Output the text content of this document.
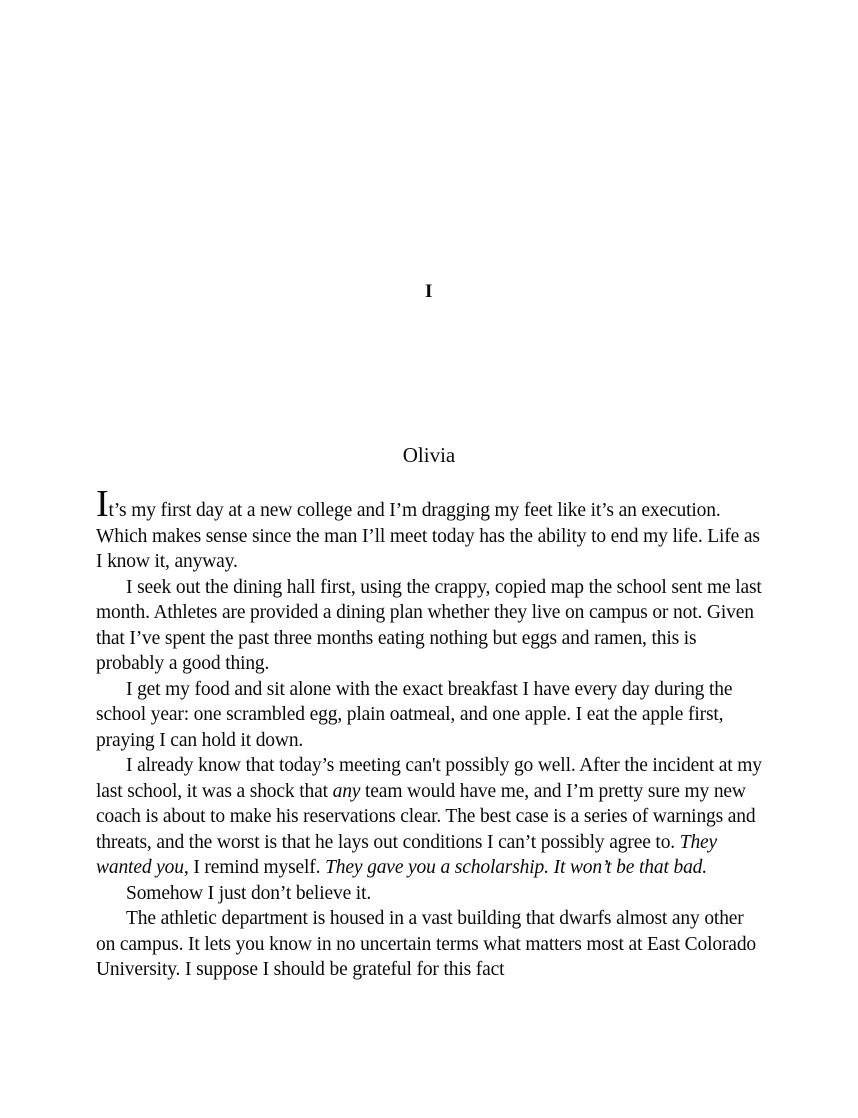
I
Olivia

It’s my first day at a new college and I’m dragging my feet like it’s an execution. Which makes sense since the man I’ll meet today has the ability to end my life. Life as I know it, anyway.

I seek out the dining hall first, using the crappy, copied map the school sent me last month. Athletes are provided a dining plan whether they live on campus or not. Given that I’ve spent the past three months eating nothing but eggs and ramen, this is probably a good thing.

I get my food and sit alone with the exact breakfast I have every day during the school year: one scrambled egg, plain oatmeal, and one apple. I eat the apple first, praying I can hold it down.

I already know that today’s meeting can't possibly go well. After the incident at my last school, it was a shock that any team would have me, and I’m pretty sure my new coach is about to make his reservations clear. The best case is a series of warnings and threats, and the worst is that he lays out conditions I can’t possibly agree to. They wanted you, I remind myself. They gave you a scholarship. It won’t be that bad.

Somehow I just don’t believe it.

The athletic department is housed in a vast building that dwarfs almost any other on campus. It lets you know in no uncertain terms what matters most at East Colorado University. I suppose I should be grateful for this fact
